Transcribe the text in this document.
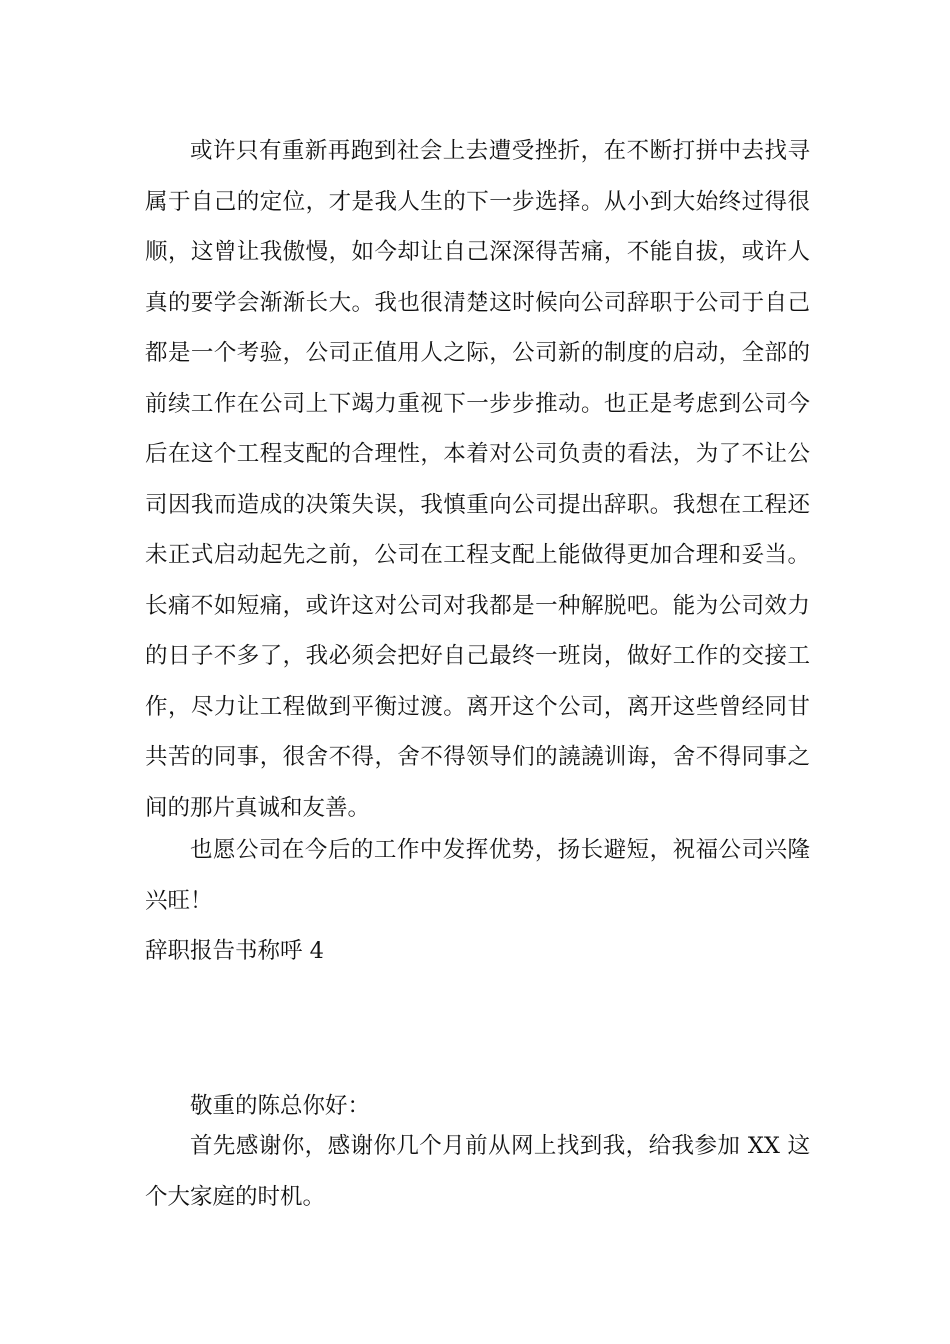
或许只有重新再跑到社会上去遭受挫折，在不断打拼中去找寻属于自己的定位，才是我人生的下一步选择。从小到大始终过得很顺，这曾让我傲慢，如今却让自己深深得苦痛，不能自拔，或许人真的要学会渐渐长大。我也很清楚这时候向公司辞职于公司于自己都是一个考验，公司正值用人之际，公司新的制度的启动，全部的前续工作在公司上下竭力重视下一步步推动。也正是考虑到公司今后在这个工程支配的合理性，本着对公司负责的看法，为了不让公司因我而造成的决策失误，我慎重向公司提出辞职。我想在工程还未正式启动起先之前，公司在工程支配上能做得更加合理和妥当。长痛不如短痛，或许这对公司对我都是一种解脱吧。能为公司效力的日子不多了，我必须会把好自己最终一班岗，做好工作的交接工作，尽力让工程做到平衡过渡。离开这个公司，离开这些曾经同甘共苦的同事，很舍不得，舍不得领导们的譊譊训诲，舍不得同事之间的那片真诚和友善。

也愿公司在今后的工作中发挥优势，扬长避短，祝福公司兴隆兴旺！

辞职报告书称呼 4

敬重的陈总你好：

首先感谢你，感谢你几个月前从网上找到我，给我参加 XX 这个大家庭的时机。
